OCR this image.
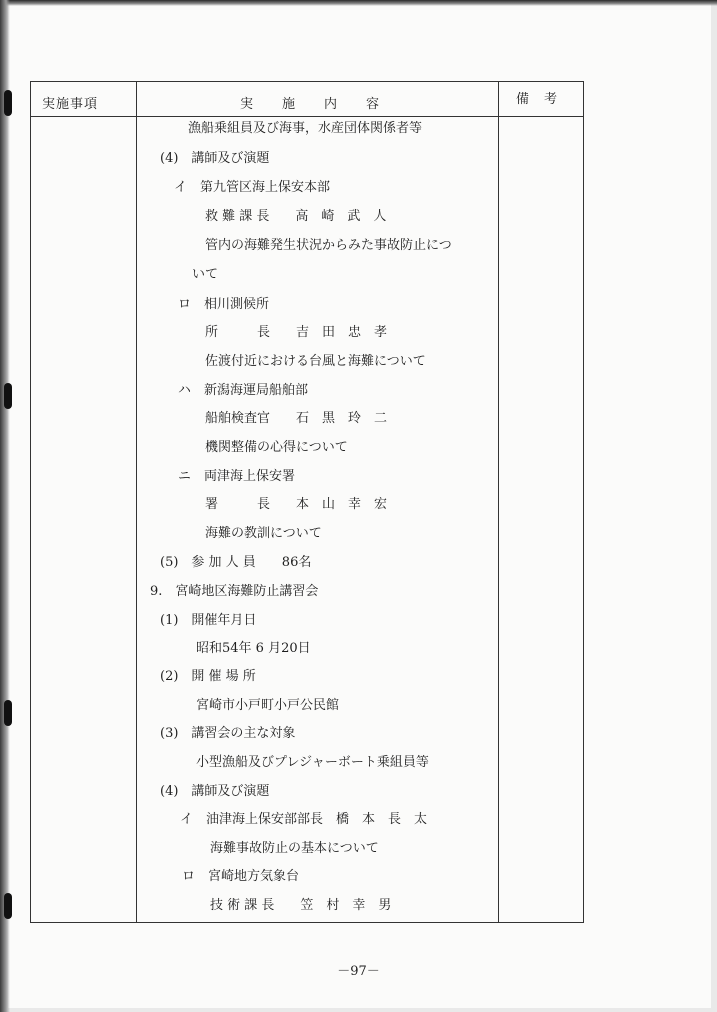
実施事項	実　　施　　内　　容	備　考
漁船乗組員及び海事，水産団体関係者等
(4)　講師及び演題
イ　第九管区海上保安本部
救 難 課 長　　高　崎　武　人
管内の海難発生状況からみた事故防止につ
いて
ロ　相川測候所
所　　　長　　吉　田　忠　孝
佐渡付近における台風と海難について
ハ　新潟海運局船舶部
船舶検査官　　石　黒　玲　二
機関整備の心得について
ニ　両津海上保安署
署　　　長　　本　山　幸　宏
海難の教訓について
(5)　参 加 人 員　　86名
9.　宮崎地区海難防止講習会
(1)　開催年月日
昭和54年 6 月20日
(2)　開 催 場 所
宮崎市小戸町小戸公民館
(3)　講習会の主な対象
小型漁船及びプレジャーボート乗組員等
(4)　講師及び演題
イ　油津海上保安部部長　橋　本　長　太
海難事故防止の基本について
ロ　宮崎地方気象台
技 術 課 長　　笠　村　幸　男
－97－
